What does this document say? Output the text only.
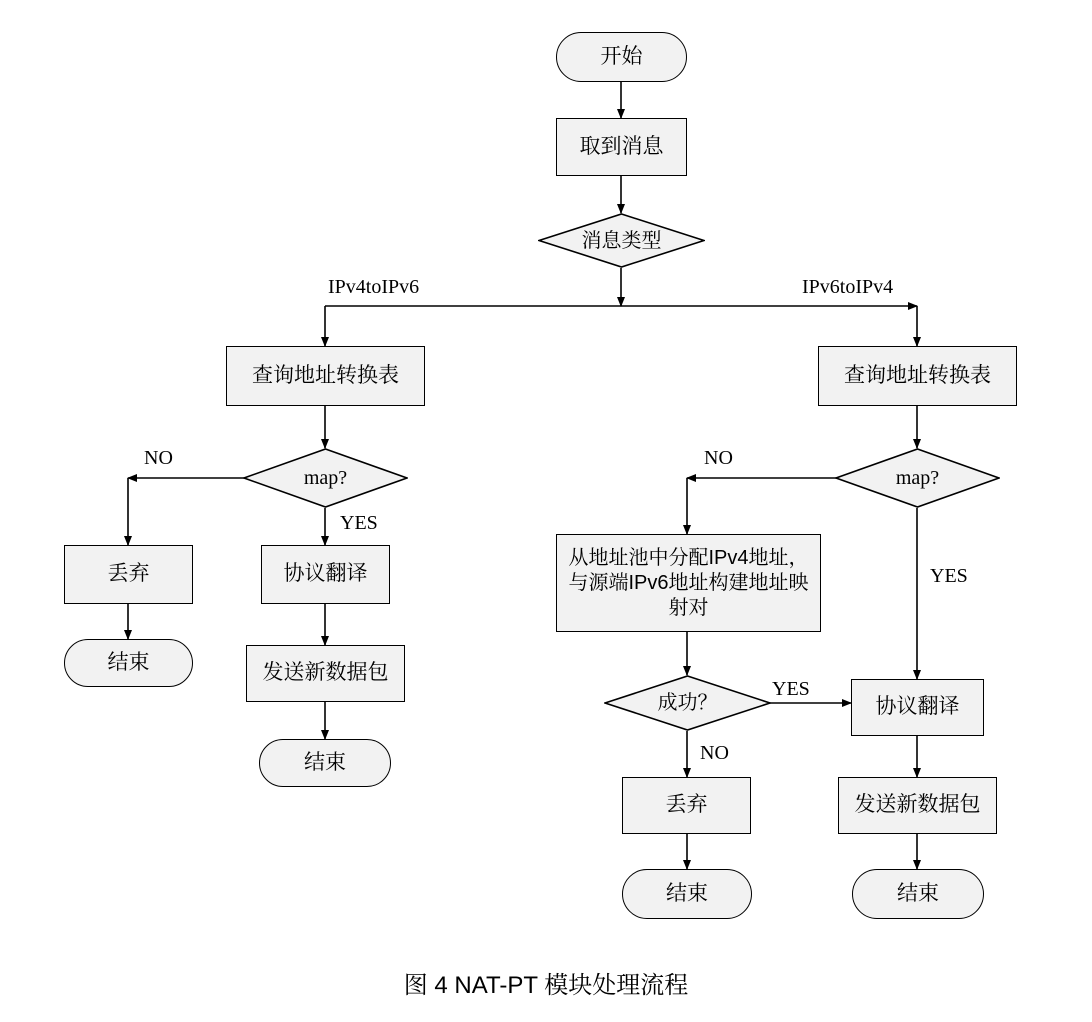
开始
取到消息
消息类型
IPv4toIPv6	IPv6toIPv4
查询地址转换表
map?
NO
YES
丢弃
结束
协议翻译
发送新数据包
结束
查询地址转换表
map?
NO
YES
从地址池中分配IPv4地址，与源端IPv6地址构建地址映射对
成功？
YES
NO
丢弃
结束
协议翻译
发送新数据包
结束
图 4 NAT-PT 模块处理流程
